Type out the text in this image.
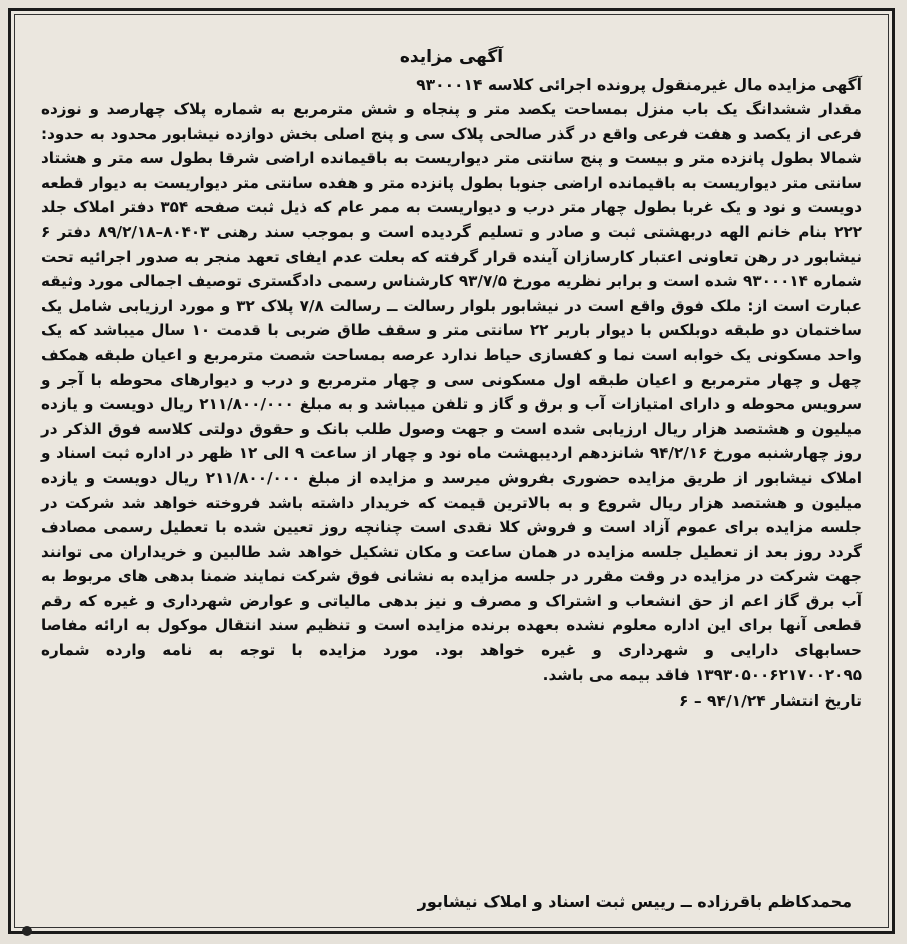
آگهی مزایده

آگهی مزایده مال غیرمنقول پرونده اجرائی کلاسه ۹۳۰۰۰۱۴

مقدار ششدانگ یک باب منزل بمساحت یکصد متر و پنجاه و شش مترمربع به شماره پلاک چهارصد و نوزده فرعی از یکصد و هفت فرعی واقع در گذر صالحی پلاک سی و پنج اصلی بخش دوازده نیشابور محدود به حدود: شمالا بطول پانزده متر و بیست و پنج سانتی متر دیواریست به باقیمانده اراضی شرقا بطول سه متر و هشتاد سانتی متر دیواریست به باقیمانده اراضی جنوبا بطول پانزده متر و هفده سانتی متر دیواریست به دیوار قطعه دویست و نود و یک غربا بطول چهار متر درب و دیواریست به ممر عام که ذیل ثبت صفحه ۳۵۴ دفتر املاک جلد ۲۲۲ بنام خانم الهه دربهشتی ثبت و صادر و تسلیم گردیده است و بموجب سند رهنی ۸۰۴۰۳–۸۹/۲/۱۸ دفتر ۶ نیشابور در رهن تعاونی اعتبار کارسازان آینده قرار گرفته که بعلت عدم ایفای تعهد منجر به صدور اجرائیه تحت شماره ۹۳۰۰۰۱۴ شده است و برابر نظریه مورخ ۹۳/۷/۵ کارشناس رسمی دادگستری توصیف اجمالی مورد وثیقه عبارت است از: ملک فوق واقع است در نیشابور بلوار رسالت ــ رسالت ۷/۸ پلاک ۳۲ و مورد ارزیابی شامل یک ساختمان دو طبقه دوبلکس با دیوار باربر ۲۲ سانتی متر و سقف طاق ضربی با قدمت ۱۰ سال میباشد که یک واحد مسکونی یک خوابه است نما و کفسازی حیاط ندارد عرصه بمساحت شصت مترمربع و اعیان طبقه همکف چهل و چهار مترمربع و اعیان طبقه اول مسکونی سی و چهار مترمربع و درب و دیوارهای محوطه با آجر و سرویس محوطه و دارای امتیازات آب و برق و گاز و تلفن میباشد و به مبلغ ۲۱۱/۸۰۰/۰۰۰ ریال دویست و یازده میلیون و هشتصد هزار ریال ارزیابی شده است و جهت وصول طلب بانک و حقوق دولتی کلاسه فوق الذکر در روز چهارشنبه مورخ ۹۴/۲/۱۶ شانزدهم اردیبهشت ماه نود و چهار از ساعت ۹ الی ۱۲ ظهر در اداره ثبت اسناد و املاک نیشابور از طریق مزایده حضوری بفروش میرسد و مزایده از مبلغ ۲۱۱/۸۰۰/۰۰۰ ریال دویست و یازده میلیون و هشتصد هزار ریال شروع و به بالاترین قیمت که خریدار داشته باشد فروخته خواهد شد شرکت در جلسه مزایده برای عموم آزاد است و فروش کلا نقدی است چنانچه روز تعیین شده با تعطیل رسمی مصادف گردد روز بعد از تعطیل جلسه مزایده در همان ساعت و مکان تشکیل خواهد شد طالبین و خریداران می توانند جهت شرکت در مزایده در وقت مقرر در جلسه مزایده به نشانی فوق شرکت نمایند ضمنا بدهی های مربوط به آب برق گاز اعم از حق انشعاب و اشتراک و مصرف و نیز بدهی مالیاتی و عوارض شهرداری و غیره که رقم قطعی آنها برای این اداره معلوم نشده بعهده برنده مزایده است و تنظیم سند انتقال موکول به ارائه مفاصا حسابهای دارایی و شهرداری و غیره خواهد بود. مورد مزایده با توجه به نامه وارده شماره ۱۳۹۳۰۵۰۰۶۲۱۷۰۰۲۰۹۵ فاقد بیمه می باشد.

تاریخ انتشار ۹۴/۱/۲۴ – ۶

محمدکاظم باقرزاده ــ رییس ثبت اسناد و املاک نیشابور
